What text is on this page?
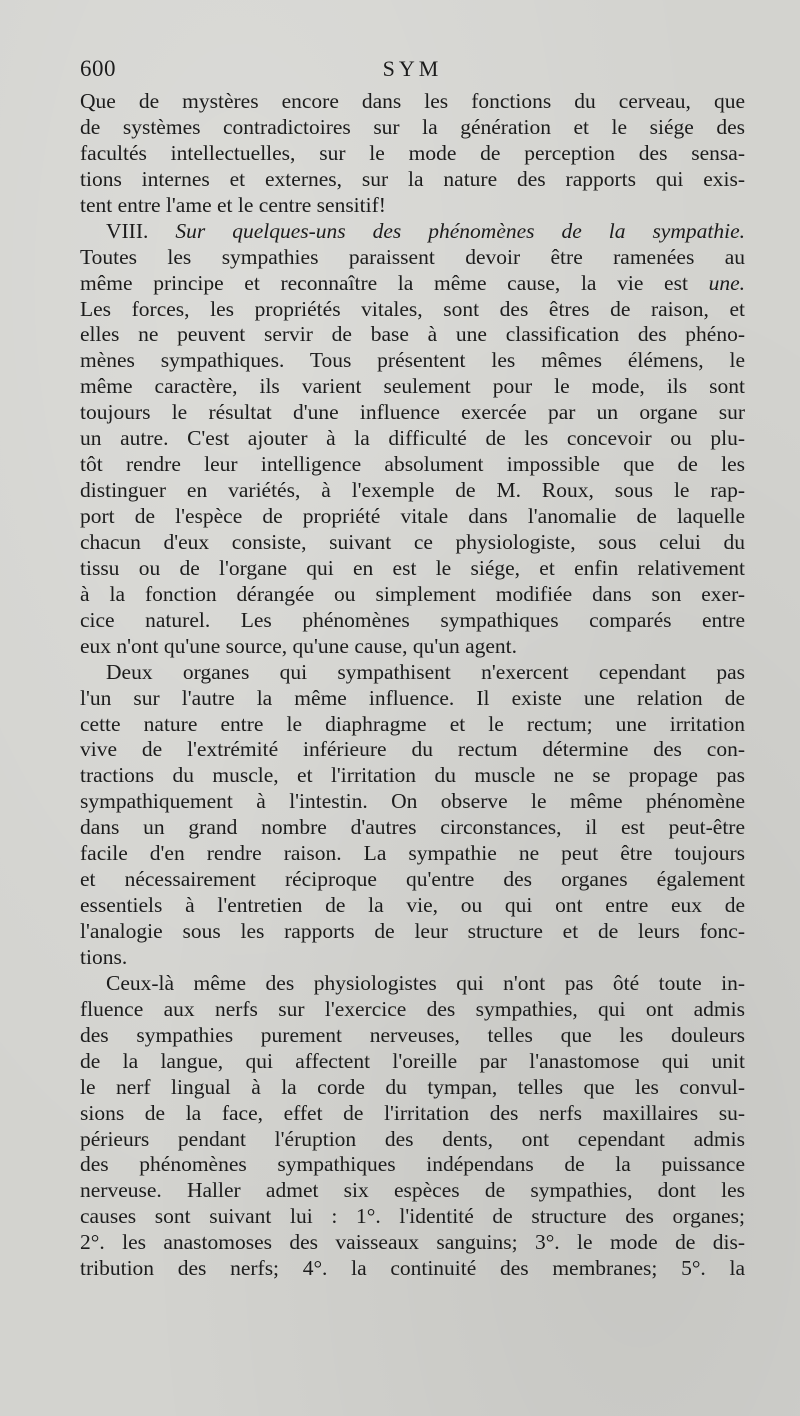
600	SYM
Que de mystères encore dans les fonctions du cerveau, que
de systèmes contradictoires sur la génération et le siége des
facultés intellectuelles, sur le mode de perception des sensa-
tions internes et externes, sur la nature des rapports qui exis-
tent entre l'ame et le centre sensitif!
VIII. Sur quelques-uns des phénomènes de la sympathie.
Toutes les sympathies paraissent devoir être ramenées au
même principe et reconnaître la même cause, la vie est une.
Les forces, les propriétés vitales, sont des êtres de raison, et
elles ne peuvent servir de base à une classification des phéno-
mènes sympathiques. Tous présentent les mêmes élémens, le
même caractère, ils varient seulement pour le mode, ils sont
toujours le résultat d'une influence exercée par un organe sur
un autre. C'est ajouter à la difficulté de les concevoir ou plu-
tôt rendre leur intelligence absolument impossible que de les
distinguer en variétés, à l'exemple de M. Roux, sous le rap-
port de l'espèce de propriété vitale dans l'anomalie de laquelle
chacun d'eux consiste, suivant ce physiologiste, sous celui du
tissu ou de l'organe qui en est le siége, et enfin relativement
à la fonction dérangée ou simplement modifiée dans son exer-
cice naturel. Les phénomènes sympathiques comparés entre
eux n'ont qu'une source, qu'une cause, qu'un agent.
Deux organes qui sympathisent n'exercent cependant pas
l'un sur l'autre la même influence. Il existe une relation de
cette nature entre le diaphragme et le rectum; une irritation
vive de l'extrémité inférieure du rectum détermine des con-
tractions du muscle, et l'irritation du muscle ne se propage pas
sympathiquement à l'intestin. On observe le même phénomène
dans un grand nombre d'autres circonstances, il est peut-être
facile d'en rendre raison. La sympathie ne peut être toujours
et nécessairement réciproque qu'entre des organes également
essentiels à l'entretien de la vie, ou qui ont entre eux de
l'analogie sous les rapports de leur structure et de leurs fonc-
tions.
Ceux-là même des physiologistes qui n'ont pas ôté toute in-
fluence aux nerfs sur l'exercice des sympathies, qui ont admis
des sympathies purement nerveuses, telles que les douleurs
de la langue, qui affectent l'oreille par l'anastomose qui unit
le nerf lingual à la corde du tympan, telles que les convul-
sions de la face, effet de l'irritation des nerfs maxillaires su-
périeurs pendant l'éruption des dents, ont cependant admis
des phénomènes sympathiques indépendans de la puissance
nerveuse. Haller admet six espèces de sympathies, dont les
causes sont suivant lui : 1°. l'identité de structure des organes;
2°. les anastomoses des vaisseaux sanguins; 3°. le mode de dis-
tribution des nerfs; 4°. la continuité des membranes; 5°. la
